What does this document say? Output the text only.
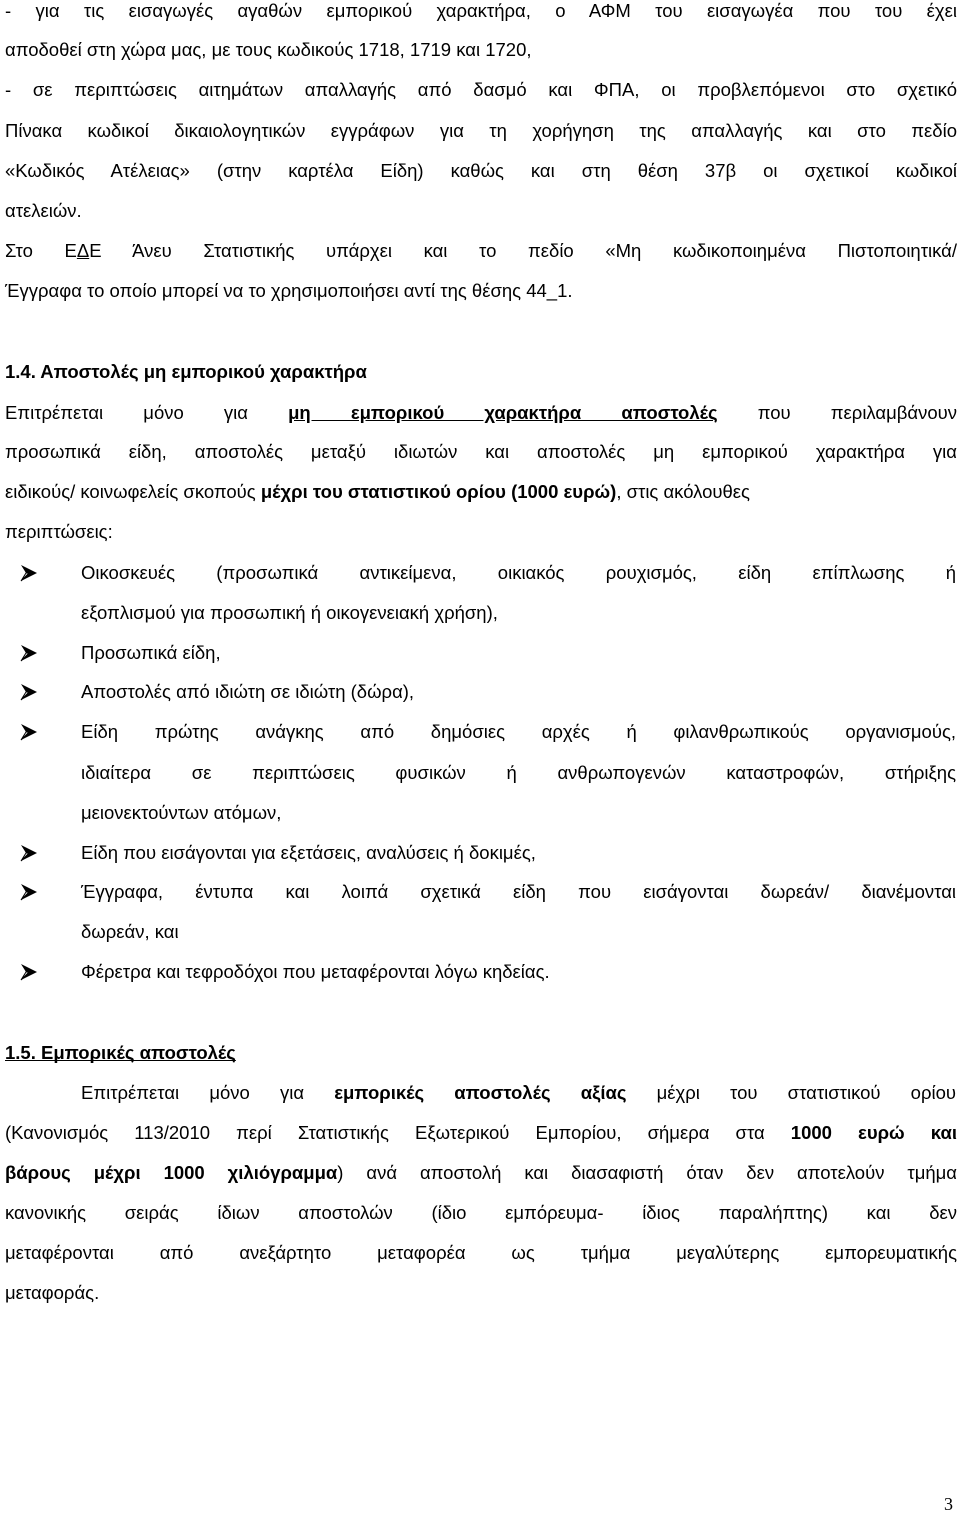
- για τις εισαγωγές αγαθών εμπορικού χαρακτήρα, ο ΑΦΜ του εισαγωγέα που του έχει
αποδοθεί στη χώρα μας, με τους κωδικούς 1718, 1719 και 1720,
- σε περιπτώσεις αιτημάτων απαλλαγής από δασμό και ΦΠΑ, οι προβλεπόμενοι στο σχετικό
Πίνακα κωδικοί δικαιολογητικών εγγράφων για τη χορήγηση της απαλλαγής και στο πεδίο
«Κωδικός Ατέλειας» (στην καρτέλα Είδη) καθώς και στη θέση 37β οι σχετικοί κωδικοί
ατελειών.
Στο ΕΔΕ Άνευ Στατιστικής υπάρχει και το πεδίο «Μη κωδικοποιημένα Πιστοποιητικά/
Έγγραφα το οποίο μπορεί να το χρησιμοποιήσει αντί της θέσης 44_1.
1.4. Αποστολές μη εμπορικού χαρακτήρα
Επιτρέπεται μόνο για μη εμπορικού χαρακτήρα αποστολές που περιλαμβάνουν
προσωπικά είδη, αποστολές μεταξύ ιδιωτών και αποστολές μη εμπορικού χαρακτήρα για
ειδικούς/ κοινωφελείς σκοπούς μέχρι του στατιστικού ορίου (1000 ευρώ), στις ακόλουθες
περιπτώσεις:
Οικοσκευές (προσωπικά αντικείμενα, οικιακός ρουχισμός, είδη επίπλωσης ή
εξοπλισμού για προσωπική ή οικογενειακή χρήση),
Προσωπικά είδη,
Αποστολές από ιδιώτη σε ιδιώτη (δώρα),
Είδη πρώτης ανάγκης από δημόσιες αρχές ή φιλανθρωπικούς οργανισμούς,
ιδιαίτερα σε περιπτώσεις φυσικών ή ανθρωπογενών καταστροφών, στήριξης
μειονεκτούντων ατόμων,
Είδη που εισάγονται για εξετάσεις, αναλύσεις ή δοκιμές,
Έγγραφα, έντυπα και λοιπά σχετικά είδη που εισάγονται δωρεάν/ διανέμονται
δωρεάν, και
Φέρετρα και τεφροδόχοι που μεταφέρονται λόγω κηδείας.
1.5. Εμπορικές αποστολές
Επιτρέπεται μόνο για εμπορικές αποστολές αξίας μέχρι του στατιστικού ορίου
(Κανονισμός 113/2010 περί Στατιστικής Εξωτερικού Εμπορίου, σήμερα στα 1000 ευρώ και
βάρους μέχρι 1000 χιλιόγραμμα) ανά αποστολή και διασαφιστή όταν δεν αποτελούν τμήμα
κανονικής σειράς ίδιων αποστολών (ίδιο εμπόρευμα- ίδιος παραλήπτης) και δεν
μεταφέρονται από ανεξάρτητο μεταφορέα ως τμήμα μεγαλύτερης εμπορευματικής
μεταφοράς.
3
